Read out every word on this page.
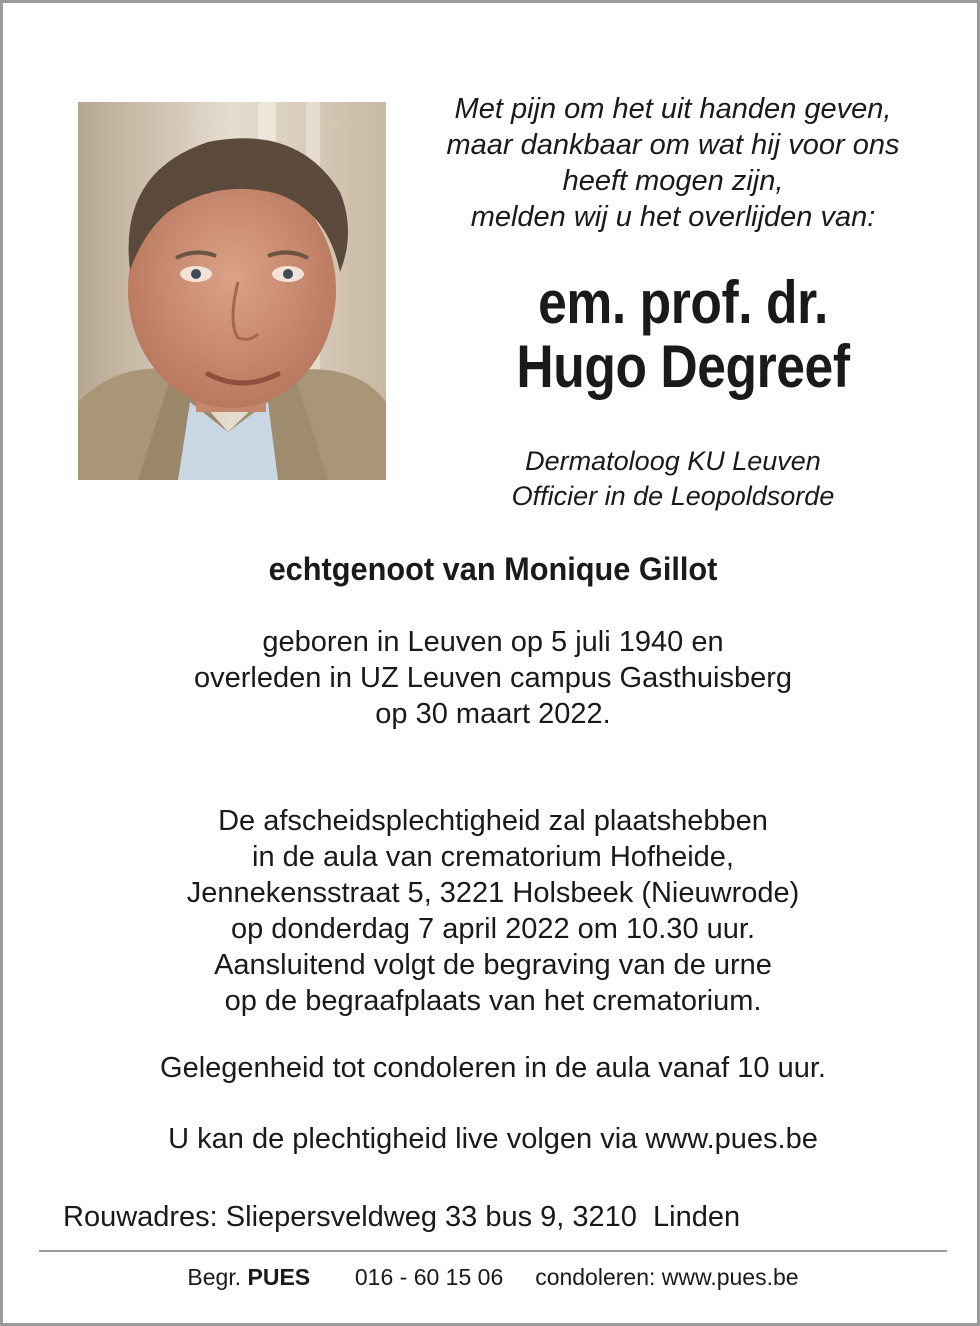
Met pijn om het uit handen geven,
maar dankbaar om wat hij voor ons
heeft mogen zijn,
melden wij u het overlijden van:
em. prof. dr.
Hugo Degreef
Dermatoloog KU Leuven
Officier in de Leopoldsorde
echtgenoot van Monique Gillot
geboren in Leuven op 5 juli 1940 en
overleden in UZ Leuven campus Gasthuisberg
op 30 maart 2022.
De afscheidsplechtigheid zal plaatshebben
in de aula van crematorium Hofheide,
Jennekensstraat 5, 3221 Holsbeek (Nieuwrode)
op donderdag 7 april 2022 om 10.30 uur.
Aansluitend volgt de begraving van de urne
op de begraafplaats van het crematorium.
Gelegenheid tot condoleren in de aula vanaf 10 uur.
U kan de plechtigheid live volgen via www.pues.be
Rouwadres: Sliepersveldweg 33 bus 9, 3210  Linden
Begr. PUES 016 - 60 15 06 condoleren: www.pues.be
